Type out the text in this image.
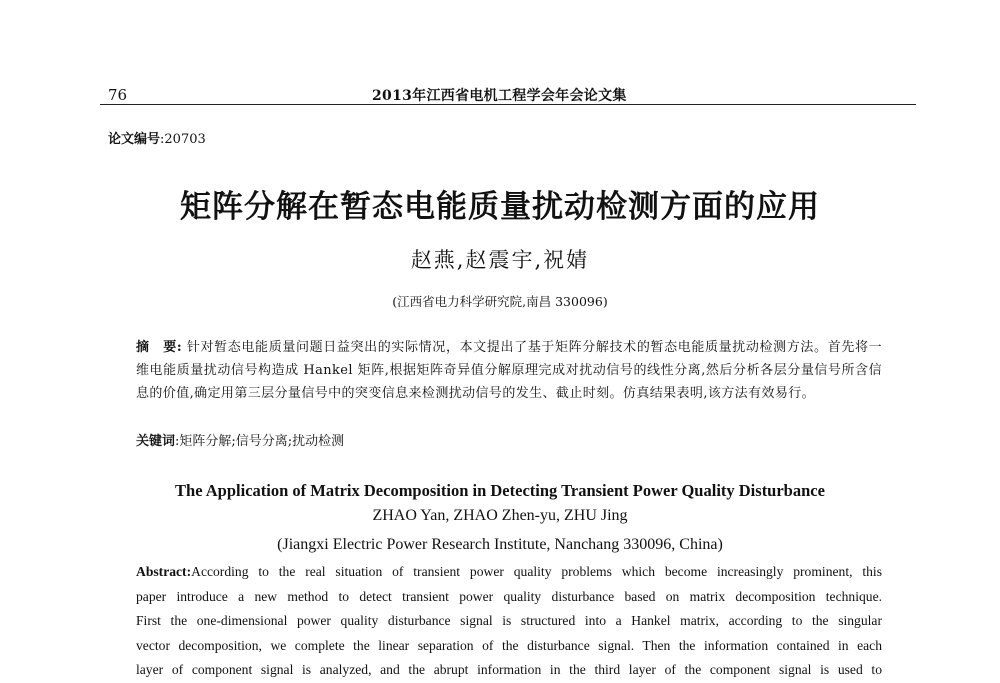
76	2013年江西省电机工程学会年会论文集
论文编号:20703
矩阵分解在暂态电能质量扰动检测方面的应用
赵燕,赵震宇,祝婧
(江西省电力科学研究院,南昌 330096)
摘　要: 针对暂态电能质量问题日益突出的实际情况，本文提出了基于矩阵分解技术的暂态电能质量扰动检测方法。首先将一维电能质量扰动信号构造成 Hankel 矩阵,根据矩阵奇异值分解原理完成对扰动信号的线性分离,然后分析各层分量信号所含信息的价值,确定用第三层分量信号中的突变信息来检测扰动信号的发生、截止时刻。仿真结果表明,该方法有效易行。
关键词:矩阵分解;信号分离;扰动检测
The Application of Matrix Decomposition in Detecting Transient Power Quality Disturbance
ZHAO Yan, ZHAO Zhen-yu, ZHU Jing
(Jiangxi Electric Power Research Institute, Nanchang 330096, China)
Abstract:According to the real situation of transient power quality problems which become increasingly prominent, this
paper introduce a new method to detect transient power quality disturbance based on matrix decomposition technique.
First the one-dimensional power quality disturbance signal is structured into a Hankel matrix, according to the singular
vector decomposition, we complete the linear separation of the disturbance signal. Then the information contained in each
layer of component signal is analyzed, and the abrupt information in the third layer of the component signal is used to
